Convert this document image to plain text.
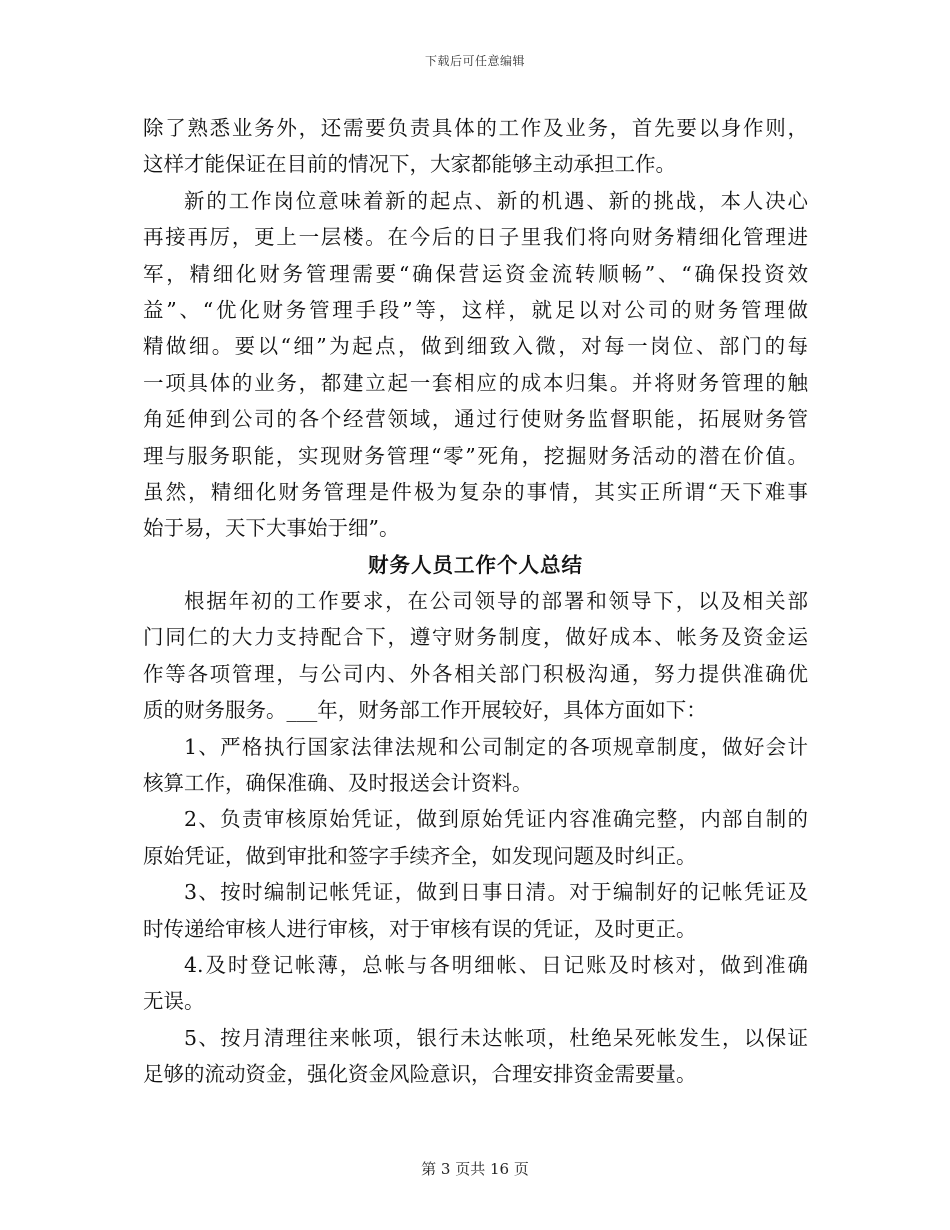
下载后可任意编辑
除了熟悉业务外，还需要负责具体的工作及业务，首先要以身作则，
这样才能保证在目前的情况下，大家都能够主动承担工作。
新的工作岗位意味着新的起点、新的机遇、新的挑战，本人决心
再接再厉，更上一层楼。在今后的日子里我们将向财务精细化管理进
军，精细化财务管理需要“确保营运资金流转顺畅”、“确保投资效
益”、“优化财务管理手段”等，这样，就足以对公司的财务管理做
精做细。要以“细”为起点，做到细致入微，对每一岗位、部门的每
一项具体的业务，都建立起一套相应的成本归集。并将财务管理的触
角延伸到公司的各个经营领域，通过行使财务监督职能，拓展财务管
理与服务职能，实现财务管理“零”死角，挖掘财务活动的潜在价值。
虽然，精细化财务管理是件极为复杂的事情，其实正所谓“天下难事
始于易，天下大事始于细”。
财务人员工作个人总结
根据年初的工作要求，在公司领导的部署和领导下，以及相关部
门同仁的大力支持配合下，遵守财务制度，做好成本、帐务及资金运
作等各项管理，与公司内、外各相关部门积极沟通，努力提供准确优
质的财务服务。___年，财务部工作开展较好，具体方面如下：
1、严格执行国家法律法规和公司制定的各项规章制度，做好会计
核算工作，确保准确、及时报送会计资料。
2、负责审核原始凭证，做到原始凭证内容准确完整，内部自制的
原始凭证，做到审批和签字手续齐全，如发现问题及时纠正。
3、按时编制记帐凭证，做到日事日清。对于编制好的记帐凭证及
时传递给审核人进行审核，对于审核有误的凭证，及时更正。
4.及时登记帐薄，总帐与各明细帐、日记账及时核对，做到准确
无误。
5、按月清理往来帐项，银行未达帐项，杜绝呆死帐发生，以保证
足够的流动资金，强化资金风险意识，合理安排资金需要量。
第 3 页共 16 页
